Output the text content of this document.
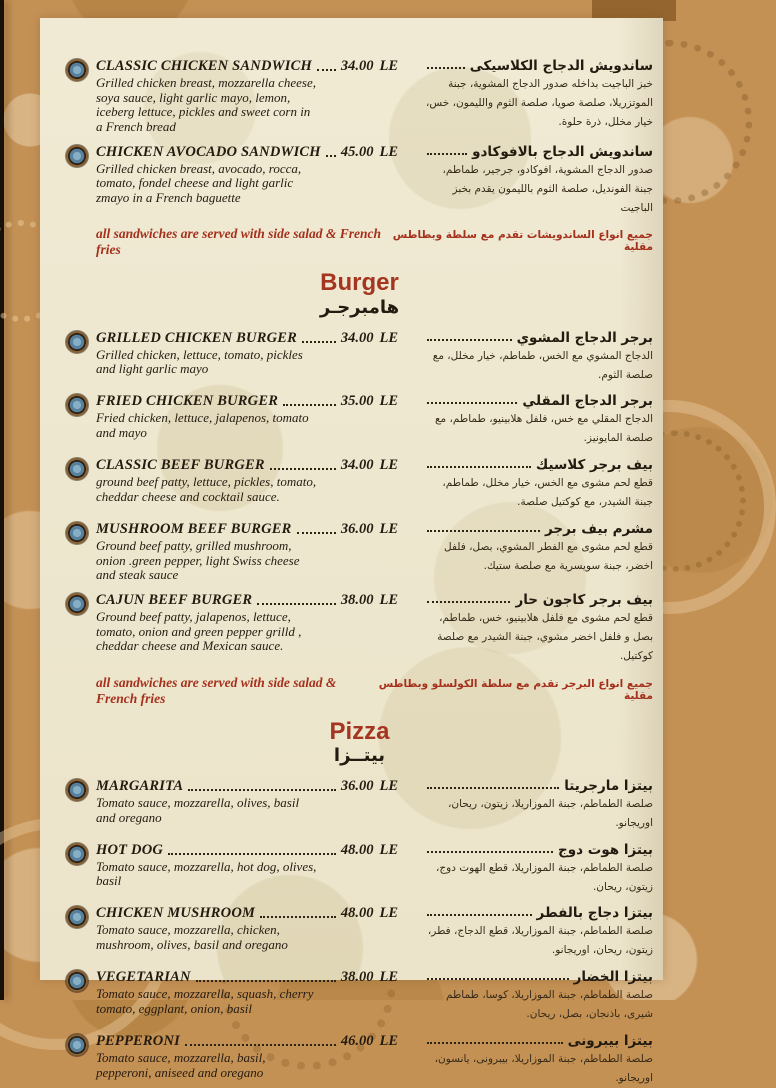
CLASSIC CHICKEN SANDWICH 34.00 LE
Grilled chicken breast, mozzarella cheese, soya sauce, light garlic mayo, lemon, iceberg lettuce, pickles and sweet corn in a French bread
ساندويش الدجاج الكلاسيكى
خبز الباجيت بداخله صدور الدجاج المشوية، جبنة الموتزريلا، صلصة صويا، صلصة الثوم والليمون، خس، خيار مخلل، ذرة حلوة.
CHICKEN AVOCADO SANDWICH 45.00 LE
Grilled chicken breast, avocado, rocca, tomato, fondel cheese and light garlic zmayo in a French baguette
ساندويش الدجاج بالافوكادو
صدور الدجاج المشوية، افوكادو، جرجير، طماطم، جبنة الفونديل، صلصة الثوم بالليمون يقدم بخبز الباجيت
all sandwiches are served with side salad & French fries
جميع انواع الساندويشات تقدم مع سلطة وبطاطس مقلية
Burger
هامبرجـر
GRILLED CHICKEN BURGER	34.00 LE
Grilled chicken, lettuce, tomato, pickles and light garlic mayo
برجر الدجاج المشوي
الدجاج المشوي مع الخس، طماطم، خيار مخلل، مع صلصة الثوم.
FRIED CHICKEN BURGER	35.00 LE
Fried chicken, lettuce, jalapenos, tomato and mayo
برجر الدجاج المقلي
الدجاج المقلي مع خس، فلفل هلابينيو، طماطم، مع صلصة المايونيز.
CLASSIC BEEF BURGER	34.00 LE
ground beef patty, lettuce, pickles, tomato, cheddar cheese and cocktail sauce.
بيف برجر كلاسيك
قطع لحم مشوى مع الخس، خيار مخلل، طماطم، جبنة الشيدر، مع كوكتيل صلصة.
MUSHROOM BEEF BURGER	36.00 LE
Ground beef patty, grilled mushroom, onion .green pepper, light Swiss cheese and steak sauce
مشرم بيف برجر
قطع لحم مشوى مع الفطر المشوي، بصل، فلفل اخضر، جبنة سويسرية مع صلصة ستيك.
CAJUN BEEF BURGER	38.00 LE
Ground beef patty, jalapenos, lettuce, tomato, onion and green pepper grilld , cheddar cheese and Mexican sauce.
بيف برجر كاجون حار
قطع لحم مشوى مع فلفل هلابينيو، خس، طماطم، بصل و فلفل اخضر مشوي، جبنة الشيدر مع صلصة كوكتيل.
all sandwiches are served with side salad & French fries
جميع انواع البرجر تقدم مع سلطة الكولسلو وبطاطس مقلية
Pizza
بيتــزا
MARGARITA	36.00 LE
Tomato sauce, mozzarella, olives, basil and oregano
بيتزا مارجريتا
صلصة الطماطم، جبنة الموزاريلا، زيتون، ريحان، اوريجانو.
HOT DOG	48.00 LE
Tomato sauce, mozzarella, hot dog, olives, basil
بيتزا هوت دوج
صلصة الطماطم، جبنة الموزاريلا، قطع الهوت دوج، زيتون، ريحان.
CHICKEN MUSHROOM	48.00 LE
Tomato sauce, mozzarella, chicken, mushroom, olives, basil and oregano
بيتزا دجاج بالفطر
صلصة الطماطم، جبنة الموزاريلا، قطع الدجاج، فطر، زيتون، ريحان، اوريجانو.
VEGETARIAN	38.00 LE
Tomato sauce, mozzarella, squash, cherry tomato, eggplant, onion, basil
بيتزا الخضار
صلصة الطماطم، جبنة الموزاريلا، كوسا، طماطم شيرى، باذنجان، بصل، ريحان.
PEPPERONI	46.00 LE
Tomato sauce, mozzarella, basil, pepperoni, aniseed and oregano
بيتزا بيبرونى
صلصة الطماطم، جبنة الموزاريلا، بيبرونى، يانسون، اوريجانو.
